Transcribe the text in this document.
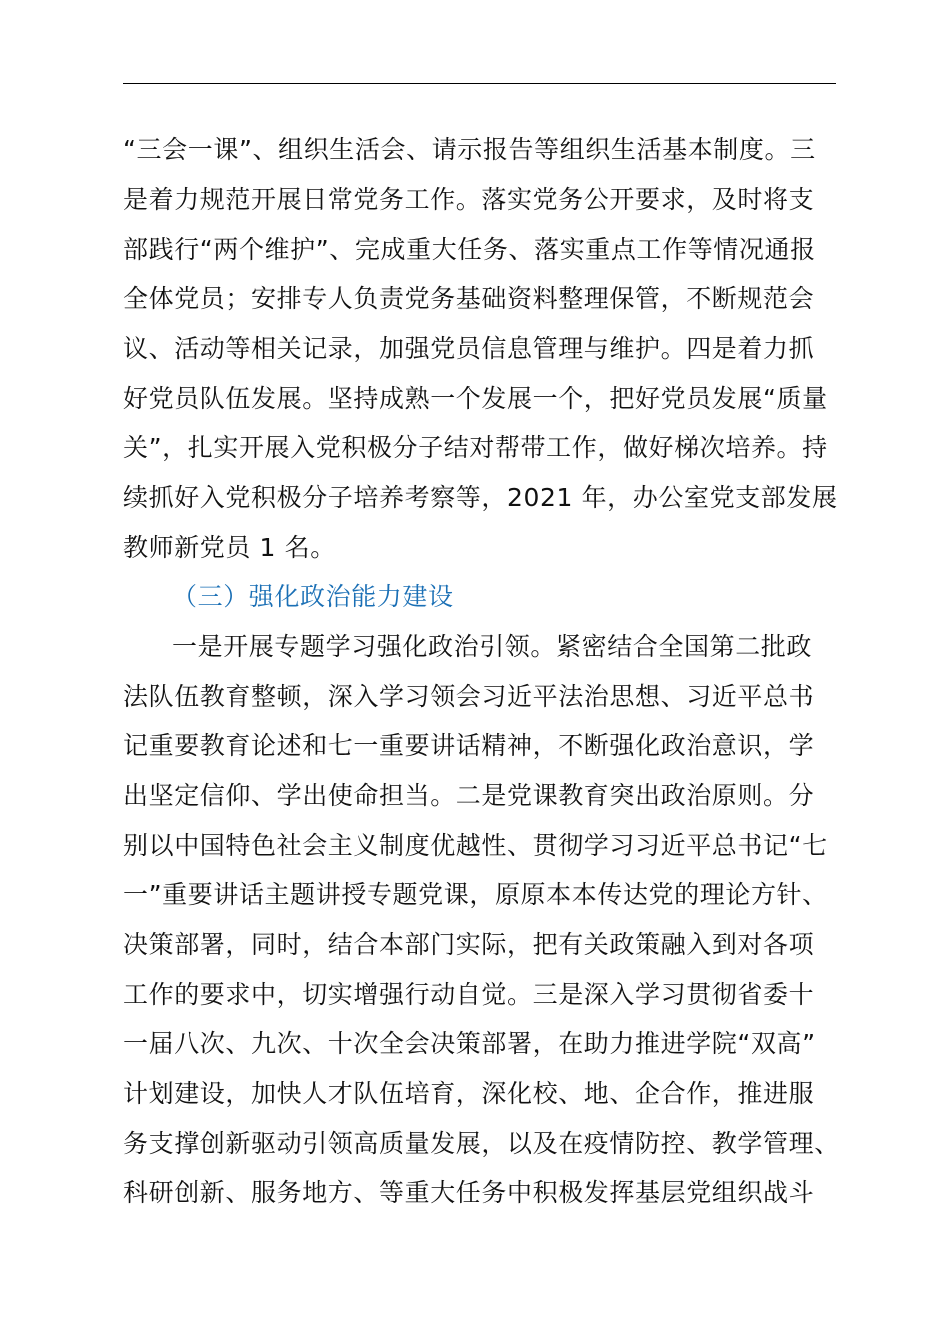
“三会一课”、组织生活会、请示报告等组织生活基本制度。三
是着力规范开展日常党务工作。落实党务公开要求，及时将支
部践行“两个维护”、完成重大任务、落实重点工作等情况通报
全体党员；安排专人负责党务基础资料整理保管，不断规范会
议、活动等相关记录，加强党员信息管理与维护。四是着力抓
好党员队伍发展。坚持成熟一个发展一个，把好党员发展“质量
关”，扎实开展入党积极分子结对帮带工作，做好梯次培养。持
续抓好入党积极分子培养考察等，2021 年，办公室党支部发展
教师新党员 1 名。
（三）强化政治能力建设
一是开展专题学习强化政治引领。紧密结合全国第二批政
法队伍教育整顿，深入学习领会习近平法治思想、习近平总书
记重要教育论述和七一重要讲话精神，不断强化政治意识，学
出坚定信仰、学出使命担当。二是党课教育突出政治原则。分
别以中国特色社会主义制度优越性、贯彻学习习近平总书记“七
一”重要讲话主题讲授专题党课，原原本本传达党的理论方针、
决策部署，同时，结合本部门实际，把有关政策融入到对各项
工作的要求中，切实增强行动自觉。三是深入学习贯彻省委十
一届八次、九次、十次全会决策部署，在助力推进学院“双高”
计划建设，加快人才队伍培育，深化校、地、企合作，推进服
务支撑创新驱动引领高质量发展，以及在疫情防控、教学管理、
科研创新、服务地方、等重大任务中积极发挥基层党组织战斗
